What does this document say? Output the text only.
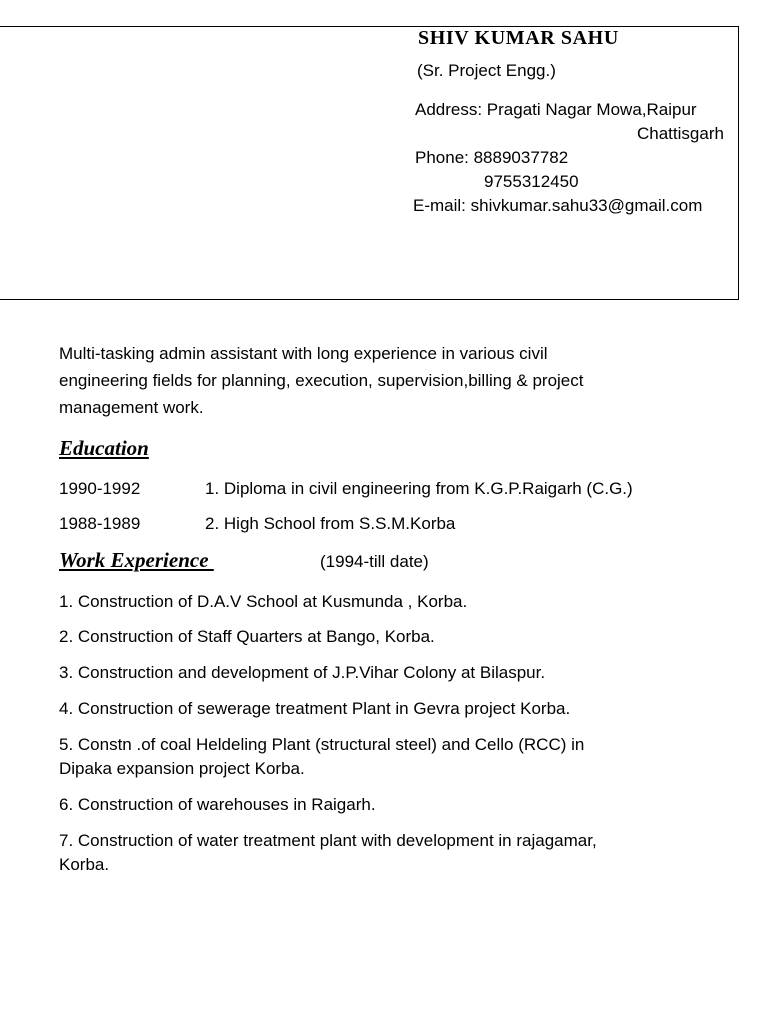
SHIV KUMAR SAHU
(Sr. Project Engg.)
Address: Pragati Nagar Mowa,Raipur
Chattisgarh
Phone: 8889037782
9755312450
E-mail: shivkumar.sahu33@gmail.com
Multi-tasking admin assistant with long experience in various civil
engineering fields for planning, execution, supervision,billing & project
management work.
Education
1990-1992	1. Diploma in civil engineering from K.G.P.Raigarh (C.G.)
1988-1989	2. High School from S.S.M.Korba
Work Experience	(1994-till date)
1. Construction of D.A.V School at Kusmunda , Korba.
2. Construction of Staff Quarters at Bango, Korba.
3. Construction and development of J.P.Vihar Colony at Bilaspur.
4. Construction of sewerage treatment Plant in Gevra project Korba.
5. Constn .of coal Heldeling Plant (structural steel) and Cello (RCC) in
Dipaka expansion project Korba.
6. Construction of warehouses in Raigarh.
7. Construction of water treatment plant with development in rajagamar,
Korba.
